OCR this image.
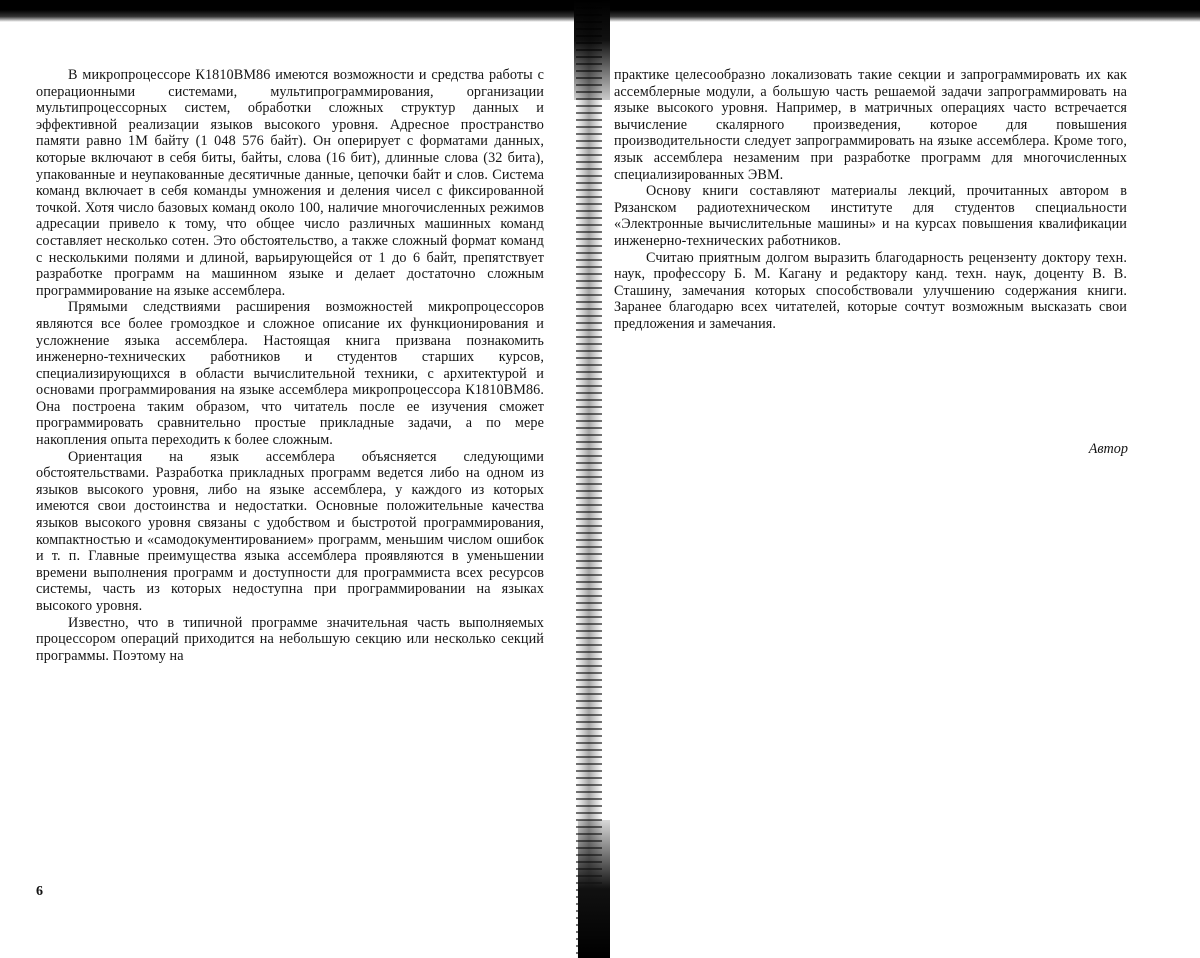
В микропроцессоре К1810ВМ86 имеются возможности и средства работы с операционными системами, мультипрограммирования, организации мультипроцессорных систем, обработки сложных структур данных и эффективной реализации языков высокого уровня. Адресное пространство памяти равно 1М байту (1 048 576 байт). Он оперирует с форматами данных, которые включают в себя биты, байты, слова (16 бит), длинные слова (32 бита), упакованные и неупакованные десятичные данные, цепочки байт и слов. Система команд включает в себя команды умножения и деления чисел с фиксированной точкой. Хотя число базовых команд около 100, наличие многочисленных режимов адресации привело к тому, что общее число различных машинных команд составляет несколько сотен. Это обстоятельство, а также сложный формат команд с несколькими полями и длиной, варьирующейся от 1 до 6 байт, препятствует разработке программ на машинном языке и делает достаточно сложным программирование на языке ассемблера.

Прямыми следствиями расширения возможностей микропроцессоров являются все более громоздкое и сложное описание их функционирования и усложнение языка ассемблера. Настоящая книга призвана познакомить инженерно-технических работников и студентов старших курсов, специализирующихся в области вычислительной техники, с архитектурой и основами программирования на языке ассемблера микропроцессора К1810ВМ86. Она построена таким образом, что читатель после ее изучения сможет программировать сравнительно простые прикладные задачи, а по мере накопления опыта переходить к более сложным.

Ориентация на язык ассемблера объясняется следующими обстоятельствами. Разработка прикладных программ ведется либо на одном из языков высокого уровня, либо на языке ассемблера, у каждого из которых имеются свои достоинства и недостатки. Основные положительные качества языков высокого уровня связаны с удобством и быстротой программирования, компактностью и «самодокументированием» программ, меньшим числом ошибок и т. п. Главные преимущества языка ассемблера проявляются в уменьшении времени выполнения программ и доступности для программиста всех ресурсов системы, часть из которых недоступна при программировании на языках высокого уровня.

Известно, что в типичной программе значительная часть выполняемых процессором операций приходится на небольшую секцию или несколько секций программы. Поэтому на

6

практике целесообразно локализовать такие секции и запрограммировать их как ассемблерные модули, а большую часть решаемой задачи запрограммировать на языке высокого уровня. Например, в матричных операциях часто встречается вычисление скалярного произведения, которое для повышения производительности следует запрограммировать на языке ассемблера. Кроме того, язык ассемблера незаменим при разработке программ для многочисленных специализированных ЭВМ.

Основу книги составляют материалы лекций, прочитанных автором в Рязанском радиотехническом институте для студентов специальности «Электронные вычислительные машины» и на курсах повышения квалификации инженерно-технических работников.

Считаю приятным долгом выразить благодарность рецензенту доктору техн. наук, профессору Б. М. Кагану и редактору канд. техн. наук, доценту В. В. Сташину, замечания которых способствовали улучшению содержания книги. Заранее благодарю всех читателей, которые сочтут возможным высказать свои предложения и замечания.

Автор
